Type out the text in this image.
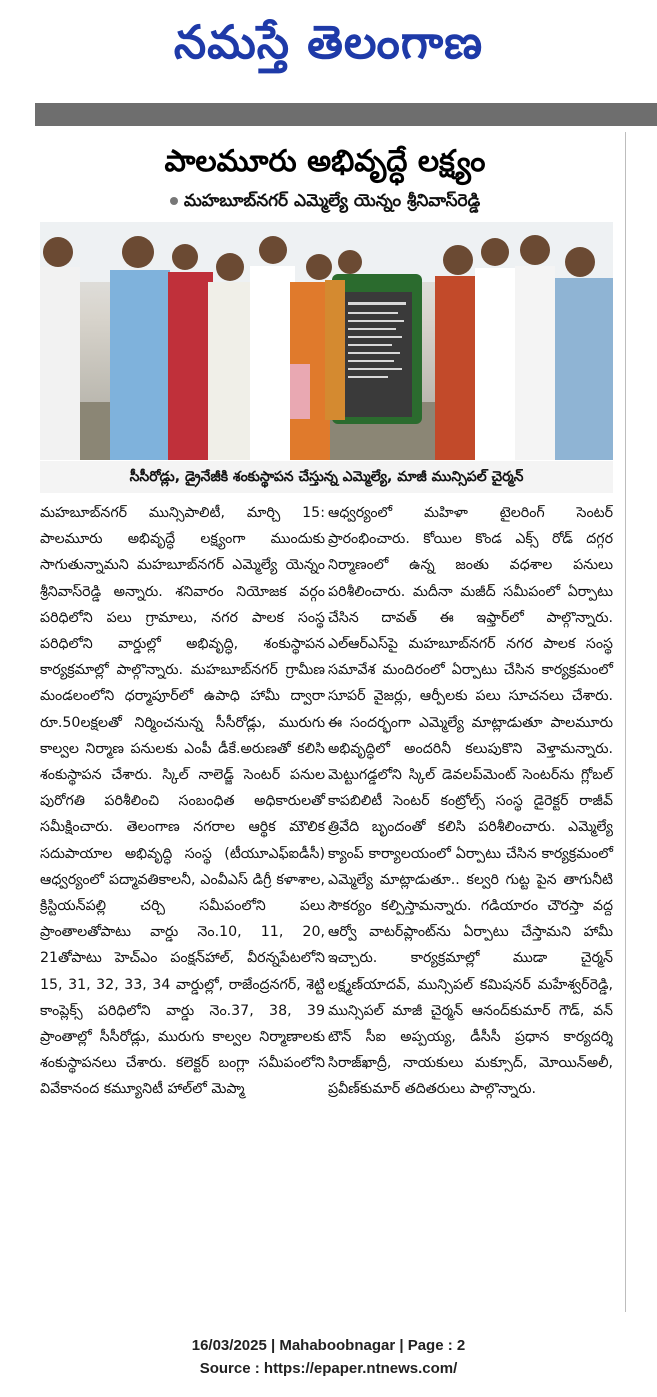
నమస్తే తెలంగాణ
పాలమూరు అభివృద్ధే లక్ష్యం
మహబూబ్‌నగర్ ఎమ్మెల్యే యెన్నం శ్రీనివాస్‌రెడ్డి
సీసీరోడ్లు, డ్రైనేజీకి శంకుస్థాపన చేస్తున్న ఎమ్మెల్యే, మాజీ మున్సిపల్ చైర్మన్

మహబూబ్‌నగర్ మున్సిపాలిటీ, మార్చి 15: పాలమూరు అభివృద్ధే లక్ష్యంగా ముందుకు సాగుతున్నామని మహబూబ్‌నగర్ ఎమ్మెల్యే యెన్నం శ్రీనివాస్‌రెడ్డి అన్నారు. శనివారం నియోజక వర్గం పరిధిలోని పలు గ్రామాలు, నగర పాలక సంస్థ పరిధిలోని వార్డుల్లో అభివృద్ధి, శంకుస్థాపన కార్యక్రమాల్లో పాల్గొన్నారు. మహబూబ్‌నగర్ గ్రామీణ మండలంలోని ధర్మాపూర్‌లో ఉపాధి హామీ ద్వారా రూ.50లక్షలతో నిర్మించనున్న సీసీరోడ్లు, మురుగు కాల్వల నిర్మాణ పనులకు ఎంపీ డీకే.అరుణతో కలిసి శంకుస్థాపన చేశారు. స్కిల్ నాలెడ్జ్ సెంటర్ పనుల పురోగతి పరిశీలించి సంబంధిత అధికారులతో సమీక్షించారు. తెలంగాణ నగరాల ఆర్థిక మౌలిక సదుపాయాల అభివృద్ధి సంస్థ (టీయూఎఫ్‌ఐడీసీ) ఆధ్వర్యంలో పద్మావతికాలనీ, ఎంవీఎస్ డిగ్రీ కళాశాల, క్రిస్టియన్‌పల్లి చర్చి సమీపంలోని పలు ప్రాంతాలతోపాటు వార్డు నెం.10, 11, 20, 21తోపాటు హెచ్‌ఎం పంక్షన్‌హాల్, వీరన్నపేటలోని 15, 31, 32, 33, 34 వార్డుల్లో, రాజేంద్రనగర్, శెట్టి కాంప్లెక్స్ పరిధిలోని వార్డు నెం.37, 38, 39 ప్రాంతాల్లో సీసీరోడ్లు, మురుగు కాల్వల నిర్మాణాలకు శంకుస్థాపనలు చేశారు. కలెక్టర్ బంగ్లా సమీపంలోని వివేకానంద కమ్యూనిటీ హాల్‌లో మెప్మా

ఆధ్వర్యంలో మహిళా టైలరింగ్ సెంటర్ ప్రారంభించారు. కోయిల కొండ ఎక్స్ రోడ్ దగ్గర నిర్మాణంలో ఉన్న జంతు వధశాల పనులు పరిశీలించారు. మదీనా మజీద్ సమీపంలో ఏర్పాటు చేసిన దావత్ ఈ ఇఫ్తార్‌లో పాల్గొన్నారు. ఎల్‌ఆర్‌ఎస్‌పై మహబూబ్‌నగర్ నగర పాలక సంస్థ సమావేశ మందిరంలో ఏర్పాటు చేసిన కార్యక్రమంలో సూపర్ వైజర్లు, ఆర్పీలకు పలు సూచనలు చేశారు. ఈ సందర్భంగా ఎమ్మెల్యే మాట్లాడుతూ పాలమూరు అభివృద్ధిలో అందరినీ కలుపుకొని వెళ్తామన్నారు. మెట్టుగడ్డలోని స్కిల్ డెవలప్‌మెంట్ సెంటర్‌ను గ్లోబల్ కాపబిలిటీ సెంటర్ కంట్రోల్స్ సంస్థ డైరెక్టర్ రాజీవ్ త్రివేది బృందంతో కలిసి పరిశీలించారు. ఎమ్మెల్యే క్యాంప్ కార్యాలయంలో ఏర్పాటు చేసిన కార్యక్రమంలో ఎమ్మెల్యే మాట్లాడుతూ.. కల్వరి గుట్ట పైన తాగునీటి సౌకర్యం కల్పిస్తామన్నారు. గడియారం చౌరస్తా వద్ద ఆర్వో వాటర్‌ప్లాంట్‌ను ఏర్పాటు చేస్తామని హామీ ఇచ్చారు. కార్యక్రమాల్లో ముడా చైర్మన్ లక్ష్మణ్‌యాదవ్, మున్సిపల్ కమిషనర్ మహేశ్వర్‌రెడ్డి, మున్సిపల్ మాజీ చైర్మన్ ఆనంద్‌కుమార్ గౌడ్, వన్ టౌన్ సీఐ అప్పయ్య, డీసీసీ ప్రధాన కార్యదర్శి సిరాజ్‌ఖాద్రీ, నాయకులు మక్సూద్, మోయిన్‌అలీ, ప్రవీణ్‌కుమార్ తదితరులు పాల్గొన్నారు.

16/03/2025 | Mahaboobnagar | Page : 2
Source : https://epaper.ntnews.com/
